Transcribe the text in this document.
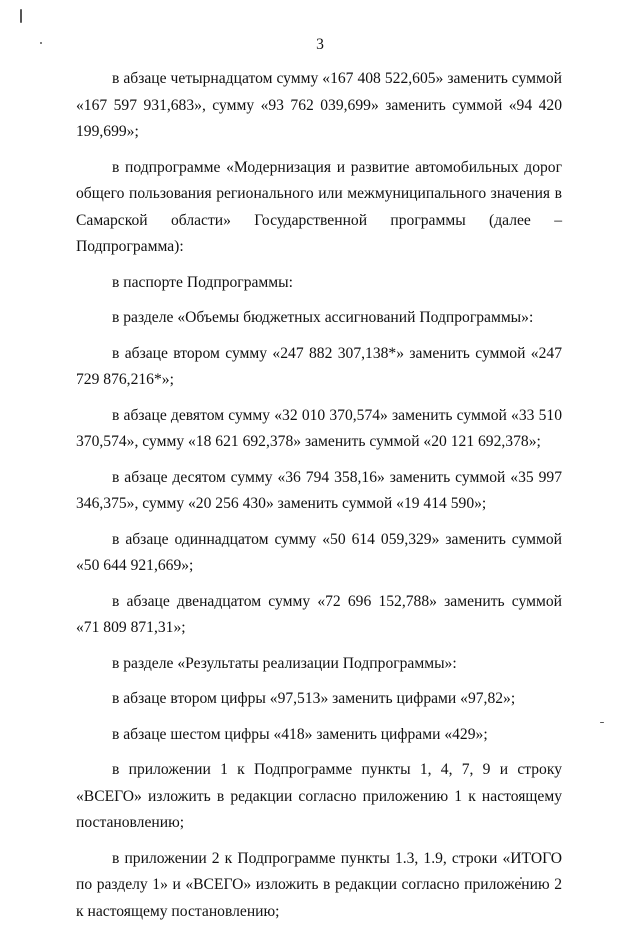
3

в абзаце четырнадцатом сумму «167 408 522,605» заменить суммой «167 597 931,683», сумму «93 762 039,699» заменить суммой «94 420 199,699»;

в подпрограмме «Модернизация и развитие автомобильных дорог общего пользования регионального или межмуниципального значения в Самарской области» Государственной программы (далее – Подпрограмма):

в паспорте Подпрограммы:

в разделе «Объемы бюджетных ассигнований Подпрограммы»:

в абзаце втором сумму «247 882 307,138*» заменить суммой «247 729 876,216*»;

в абзаце девятом сумму «32 010 370,574» заменить суммой «33 510 370,574», сумму «18 621 692,378» заменить суммой «20 121 692,378»;

в абзаце десятом сумму «36 794 358,16» заменить суммой «35 997 346,375», сумму «20 256 430» заменить суммой «19 414 590»;

в абзаце одиннадцатом сумму «50 614 059,329» заменить суммой «50 644 921,669»;

в абзаце двенадцатом сумму «72 696 152,788» заменить суммой «71 809 871,31»;

в разделе «Результаты реализации Подпрограммы»:

в абзаце втором цифры «97,513» заменить цифрами «97,82»;

в абзаце шестом цифры «418» заменить цифрами «429»;

в приложении 1 к Подпрограмме пункты 1, 4, 7, 9 и строку «ВСЕГО» изложить в редакции согласно приложению 1 к настоящему постановлению;

в приложении 2 к Подпрограмме пункты 1.3, 1.9, строки «ИТОГО по разделу 1» и «ВСЕГО» изложить в редакции согласно приложению 2 к настоящему постановлению;
